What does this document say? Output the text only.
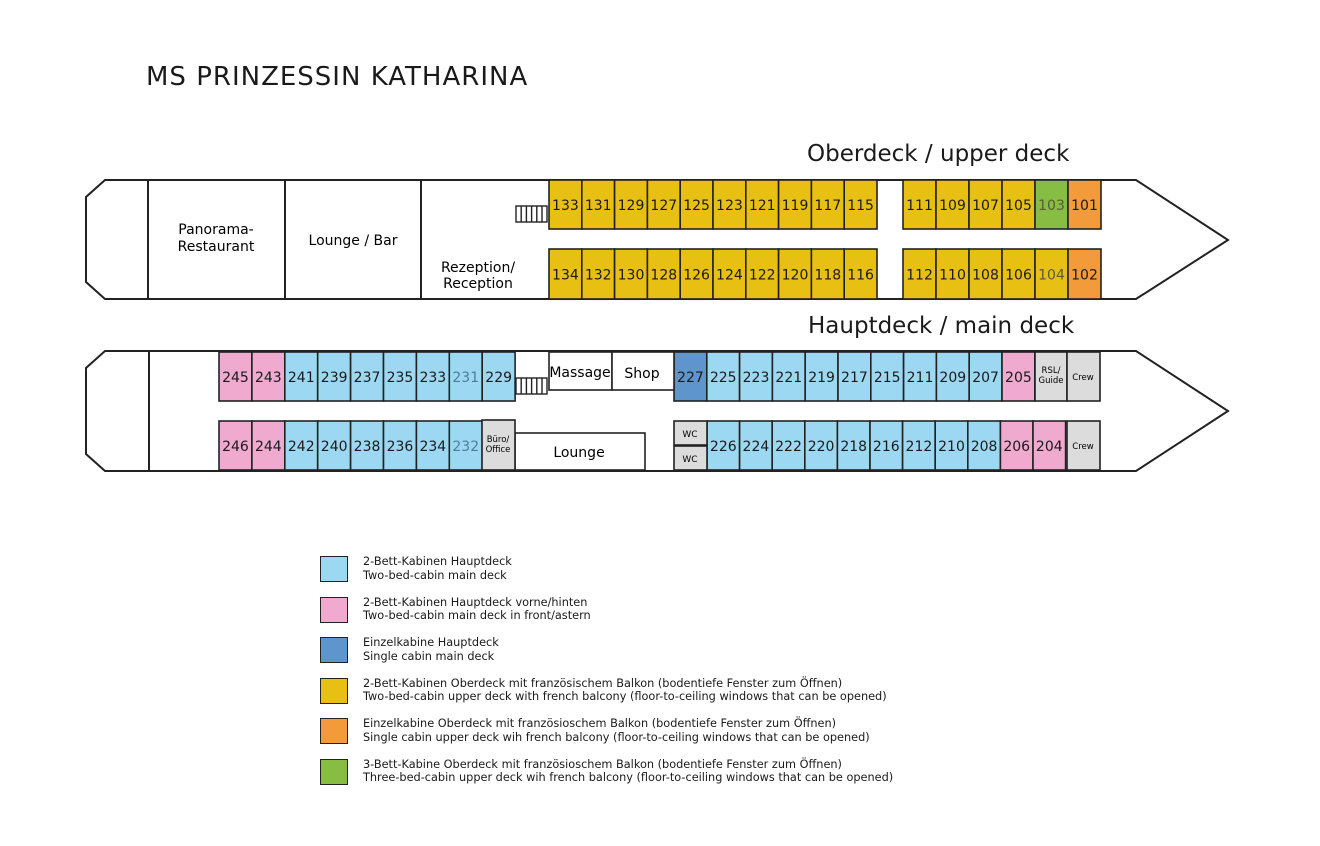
MS PRINZESSIN KATHARINA
Oberdeck / upper deck
Hauptdeck / main deck
Panorama-Restaurant	Lounge / Bar
Rezeption/ Reception
133 131 129 127 125 123 121 119 117 115 111 109 107 105 103 101
134 132 130 128 126 124 122 120 118 116 112 110 108 106 104 102
245 243 241 239 237 235 233 231 229	227 225 223 221 219 217 215 211 209 207 205
246 244 242 240 238 236 234 232	226 224 222 220 218 216 212 210 208 206 204
Massage Shop
Lounge
Büro/ Office
WC
WC
RSL/ Guide Crew
Crew
2-Bett-Kabinen Hauptdeck
Two-bed-cabin main deck
2-Bett-Kabinen Hauptdeck vorne/hinten
Two-bed-cabin main deck in front/astern
Einzelkabine Hauptdeck
Single cabin main deck
2-Bett-Kabinen Oberdeck mit französischem Balkon (bodentiefe Fenster zum Öffnen)
Two-bed-cabin upper deck with french balcony (floor-to-ceiling windows that can be opened)
Einzelkabine Oberdeck mit französioschem Balkon (bodentiefe Fenster zum Öffnen)
Single cabin upper deck wih french balcony (floor-to-ceiling windows that can be opened)
3-Bett-Kabine Oberdeck mit französioschem Balkon (bodentiefe Fenster zum Öffnen)
Three-bed-cabin upper deck wih french balcony (floor-to-ceiling windows that can be opened)
